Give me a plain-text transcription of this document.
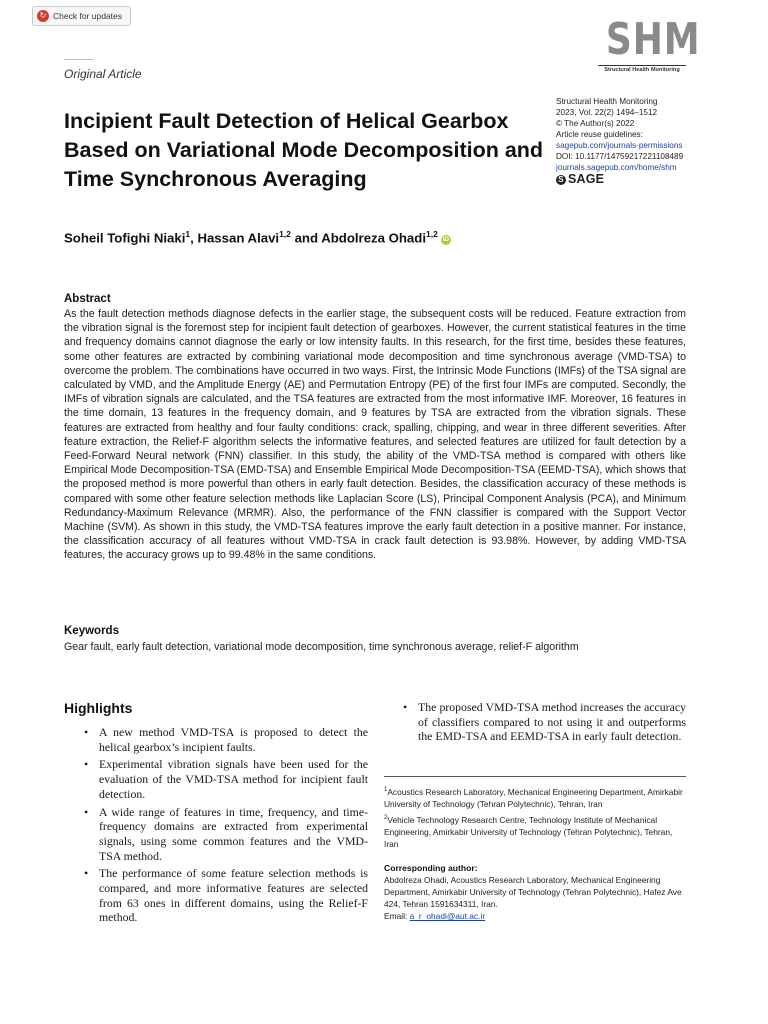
↻ Check for updates	SHM
Structural Health Monitoring
Original Article
Incipient Fault Detection of Helical Gearbox Based on Variational Mode Decomposition and Time Synchronous Averaging
Structural Health Monitoring
2023, Vol. 22(2) 1494–1512
© The Author(s) 2022
Article reuse guidelines:
sagepub.com/journals-permissions
DOI: 10.1177/14759217221108489
journals.sagepub.com/home/shm
S SAGE
Soheil Tofighi Niaki$^1$, Hassan Alavi$^{1,2}$ and Abdolreza Ohadi$^{1,2}$iD
Abstract
As the fault detection methods diagnose defects in the earlier stage, the subsequent costs will be reduced. Feature extraction from the vibration signal is the foremost step for incipient fault detection of gearboxes. However, the current statistical features in the time and frequency domains cannot diagnose the early or low intensity faults. In this research, for the first time, besides these features, some other features are extracted by combining variational mode decomposition and time synchronous average (VMD-TSA) to overcome the problem. The combinations have occurred in two ways. First, the Intrinsic Mode Functions (IMFs) of the TSA signal are calculated by VMD, and the Amplitude Energy (AE) and Permutation Entropy (PE) of the first four IMFs are computed. Secondly, the IMFs of vibration signals are calculated, and the TSA features are extracted from the most informative IMF. Moreover, 16 features in the time domain, 13 features in the frequency domain, and 9 features by TSA are extracted from the vibration signals. These features are extracted from healthy and four faulty conditions: crack, spalling, chipping, and wear in three different severities. After feature extraction, the Relief-F algorithm selects the informative features, and selected features are utilized for fault detection by a Feed-Forward Neural network (FNN) classifier. In this study, the ability of the VMD-TSA method is compared with others like Empirical Mode Decomposition-TSA (EMD-TSA) and Ensemble Empirical Mode Decomposition-TSA (EEMD-TSA), which shows that the proposed method is more powerful than others in early fault detection. Besides, the classification accuracy of these methods is compared with some other feature selection methods like Laplacian Score (LS), Principal Component Analysis (PCA), and Minimum Redundancy-Maximum Relevance (MRMR). Also, the performance of the FNN classifier is compared with the Support Vector Machine (SVM). As shown in this study, the VMD-TSA features improve the early fault detection in a positive manner. For instance, the classification accuracy of all features without VMD-TSA in crack fault detection is 93.98%. However, by adding VMD-TSA features, the accuracy grows up to 99.48% in the same conditions.
Keywords
Gear fault, early fault detection, variational mode decomposition, time synchronous average, relief-F algorithm
Highlights
• A new method VMD-TSA is proposed to detect the helical gearbox’s incipient faults.
• Experimental vibration signals have been used for the evaluation of the VMD-TSA method for incipient fault detection.
• A wide range of features in time, frequency, and time-frequency domains are extracted from experimental signals, using some common features and the VMD-TSA method.
• The performance of some feature selection methods is compared, and more informative features are selected from 63 ones in different domains, using the Relief-F method.
• The proposed VMD-TSA method increases the accuracy of classifiers compared to not using it and outperforms the EMD-TSA and EEMD-TSA in early fault detection.
$^1$Acoustics Research Laboratory, Mechanical Engineering Department, Amirkabir University of Technology (Tehran Polytechnic), Tehran, Iran
$^2$Vehicle Technology Research Centre, Technology Institute of Mechanical Engineering, Amirkabir University of Technology (Tehran Polytechnic), Tehran, Iran
Corresponding author:
Abdolreza Ohadi, Acoustics Research Laboratory, Mechanical Engineering Department, Amirkabir University of Technology (Tehran Polytechnic), Hafez Ave 424, Tehran 1591634311, Iran.
Email: a_r_ohadi@aut.ac.ir
